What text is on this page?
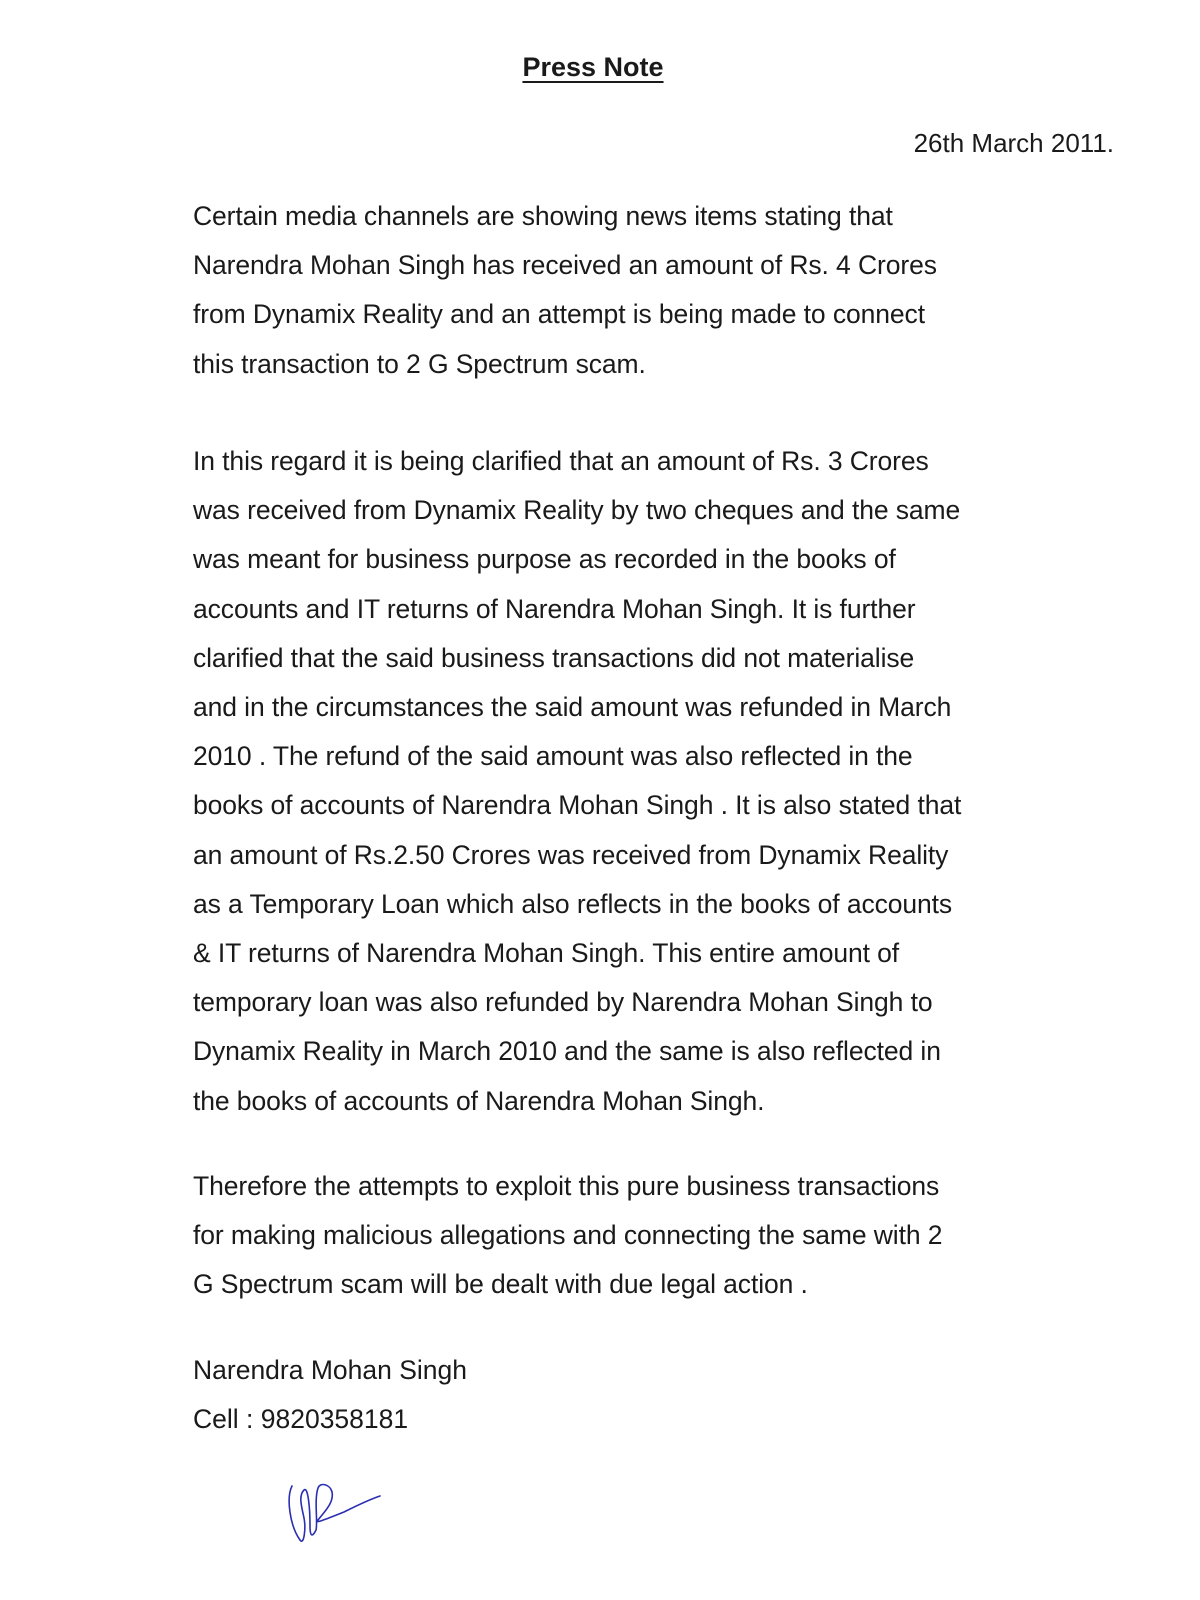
Press Note

26th March 2011.

Certain media channels are showing news items stating that
Narendra Mohan Singh has received an amount of Rs. 4 Crores
from Dynamix Reality and an attempt is being made to connect
this transaction to 2 G Spectrum scam.

In this regard it is being clarified that an amount of Rs. 3 Crores
was received from Dynamix Reality by two cheques and the same
was meant for business purpose as recorded in the books of
accounts and IT returns of Narendra Mohan Singh. It is further
clarified that the said business transactions did not materialise
and in the circumstances the said amount was refunded in March
2010 . The refund of the said amount was also reflected in the
books of accounts of Narendra Mohan Singh . It is also stated that
an amount of Rs.2.50 Crores was received from Dynamix Reality
as a Temporary Loan which also reflects in the books of accounts
& IT returns of Narendra Mohan Singh. This entire amount of
temporary loan was also refunded by Narendra Mohan Singh to
Dynamix Reality in March 2010 and the same is also reflected in
the books of accounts of Narendra Mohan Singh.

Therefore the attempts to exploit this pure business transactions
for making malicious allegations and connecting the same with 2
G Spectrum scam will be dealt with due legal action .

Narendra Mohan Singh

Cell : 9820358181
